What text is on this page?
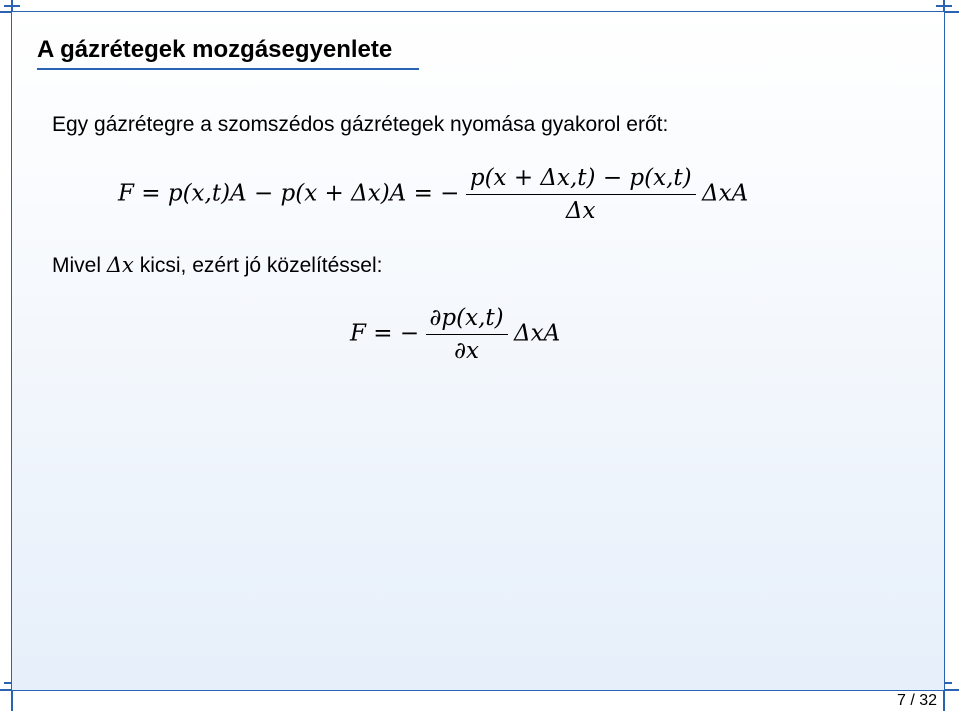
A gázrétegek mozgásegyenlete
Egy gázrétegre a szomszédos gázrétegek nyomása gyakorol erőt:
F = p(x,t)A − p(x + Δx)A = − $\frac{p(x + \Delta x,t) - p(x,t)}{\Delta x}$ ΔxA
Mivel Δx kicsi, ezért jó közelítéssel:
F = − $\frac{\partial p(x,t)}{\partial x}$ ΔxA
7 / 32
